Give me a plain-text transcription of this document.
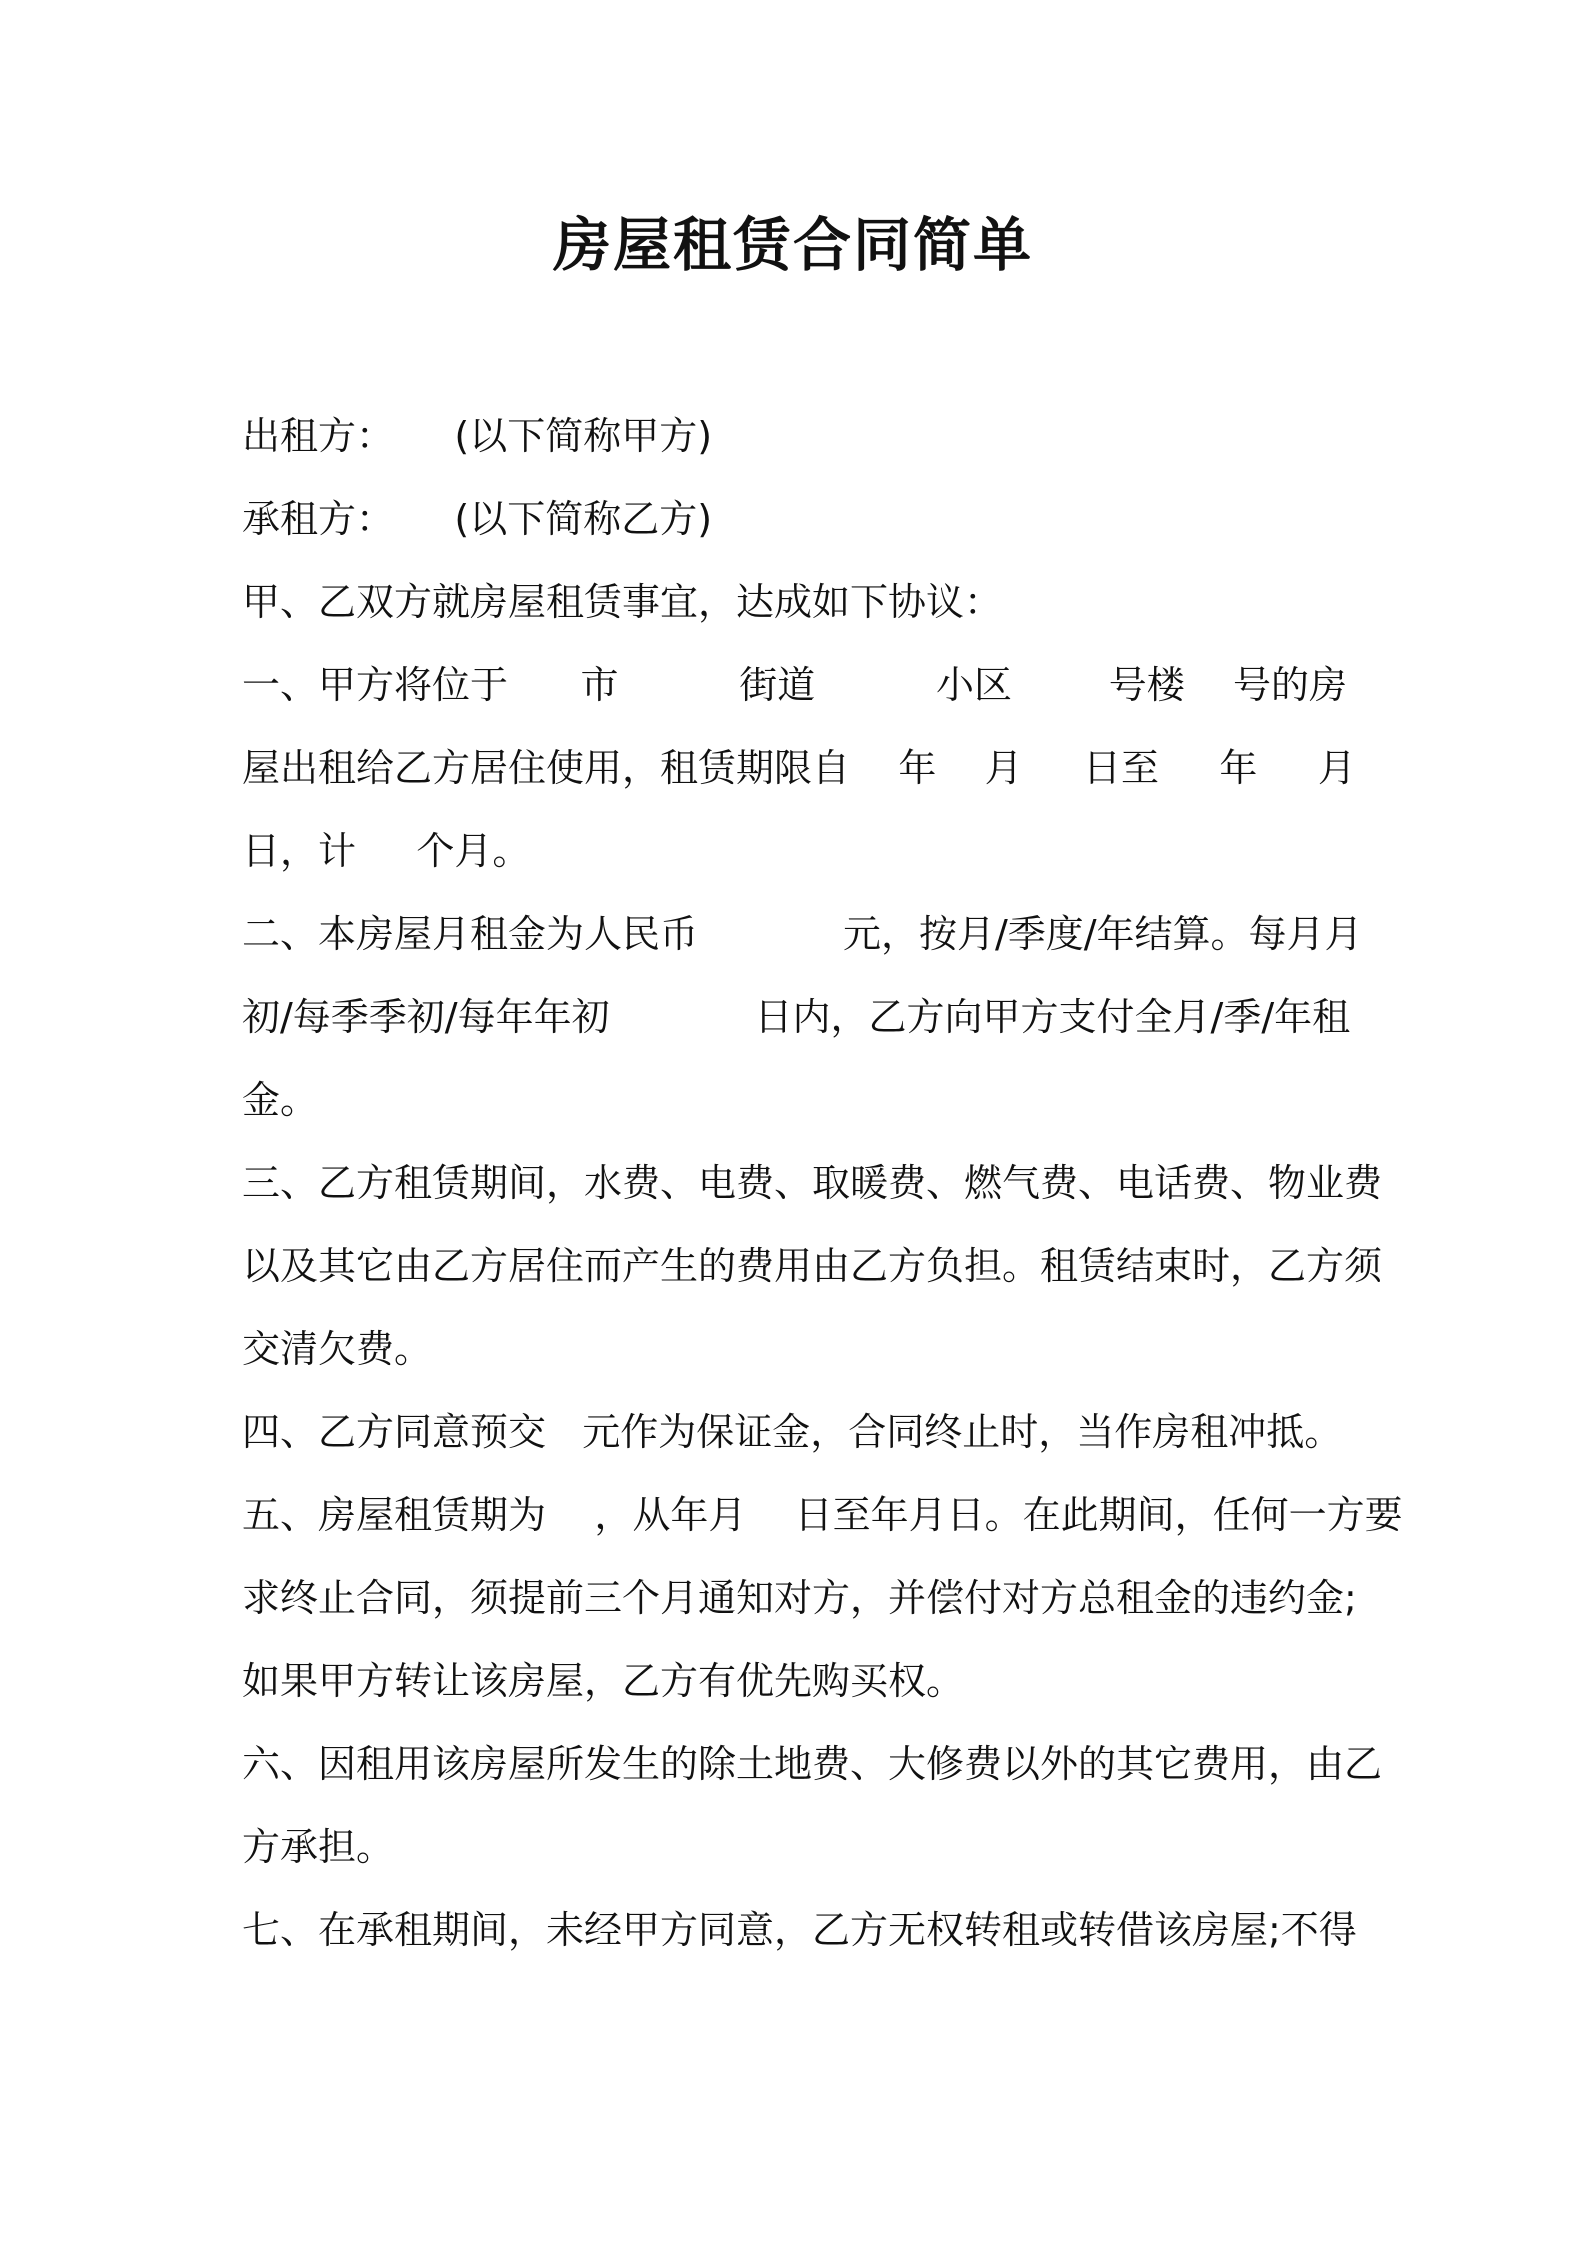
房屋租赁合同简单
出租方：     (以下简称甲方)
承租方：     (以下简称乙方)
甲、乙双方就房屋租赁事宜，达成如下协议：
一、甲方将位于      市          街道          小区        号楼    号的房
屋出租给乙方居住使用，租赁期限自    年    月     日至     年     月
日，计     个月。
二、本房屋月租金为人民币            元，按月/季度/年结算。每月月
初/每季季初/每年年初            日内，乙方向甲方支付全月/季/年租
金。
三、乙方租赁期间，水费、电费、取暖费、燃气费、电话费、物业费
以及其它由乙方居住而产生的费用由乙方负担。租赁结束时，乙方须
交清欠费。
四、乙方同意预交   元作为保证金，合同终止时，当作房租冲抵。
五、房屋租赁期为    ，从年月    日至年月日。在此期间，任何一方要
求终止合同，须提前三个月通知对方，并偿付对方总租金的违约金;
如果甲方转让该房屋，乙方有优先购买权。
六、因租用该房屋所发生的除土地费、大修费以外的其它费用，由乙
方承担。
七、在承租期间，未经甲方同意，乙方无权转租或转借该房屋;不得
